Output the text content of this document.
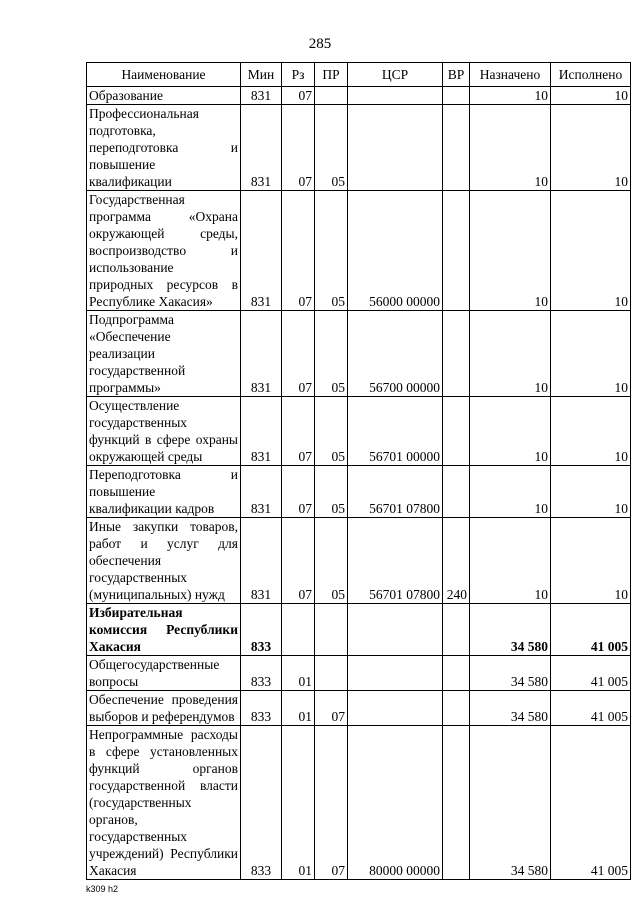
285
Наименование	Мин	Рз	ПР	ЦСР	ВР	Назначено	Исполнено
Образование	831	07				10	10
Профессиональная подготовка, переподготовка и повышение квалификации	831	07	05			10	10
Государственная программа «Охрана окружающей среды, воспроизводство и использование природных ресурсов в Республике Хакасия»	831	07	05	56000 00000		10	10
Подпрограмма «Обеспечение реализации государственной программы»	831	07	05	56700 00000		10	10
Осуществление государственных функций в сфере охраны окружающей среды	831	07	05	56701 00000		10	10
Переподготовка и повышение квалификации кадров	831	07	05	56701 07800		10	10
Иные закупки товаров, работ и услуг для обеспечения государственных (муниципальных) нужд	831	07	05	56701 07800	240	10	10
Избирательная комиссия Республики Хакасия	833					34 580	41 005
Общегосударственные вопросы	833	01				34 580	41 005
Обеспечение проведения выборов и референдумов	833	01	07			34 580	41 005
Непрограммные расходы в сфере установленных функций органов государственной власти (государственных органов, государственных учреждений) Республики Хакасия	833	01	07	80000 00000		34 580	41 005
k309 h2
